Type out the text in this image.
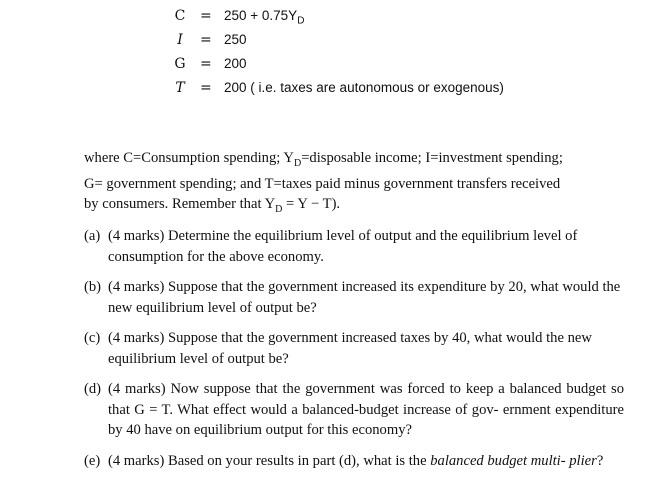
C	= $250 + 0.75Y_D$
I	= 250
G	= 200
T	= 200 ( i.e. taxes are autonomous or exogenous)
where C=Consumption spending; $Y_D=disposable$ income; I=investment spending;
G= government spending; and T=taxes paid minus government transfers received
by consumers. Remember that $Y_D = Y - T$).
(a) (4 marks) Determine the equilibrium level of output and the equilibrium level of consumption for the above economy.
(b) (4 marks) Suppose that the government increased its expenditure by 20, what would the new equilibrium level of output be?
(c) (4 marks) Suppose that the government increased taxes by 40, what would the new equilibrium level of output be?
(d) (4 marks) Now suppose that the government was forced to keep a balanced budget so that G = T. What effect would a balanced-budget increase of gov- ernment expenditure by 40 have on equilibrium output for this economy?
(e) (4 marks) Based on your results in part (d), what is the balanced budget multi- plier?
